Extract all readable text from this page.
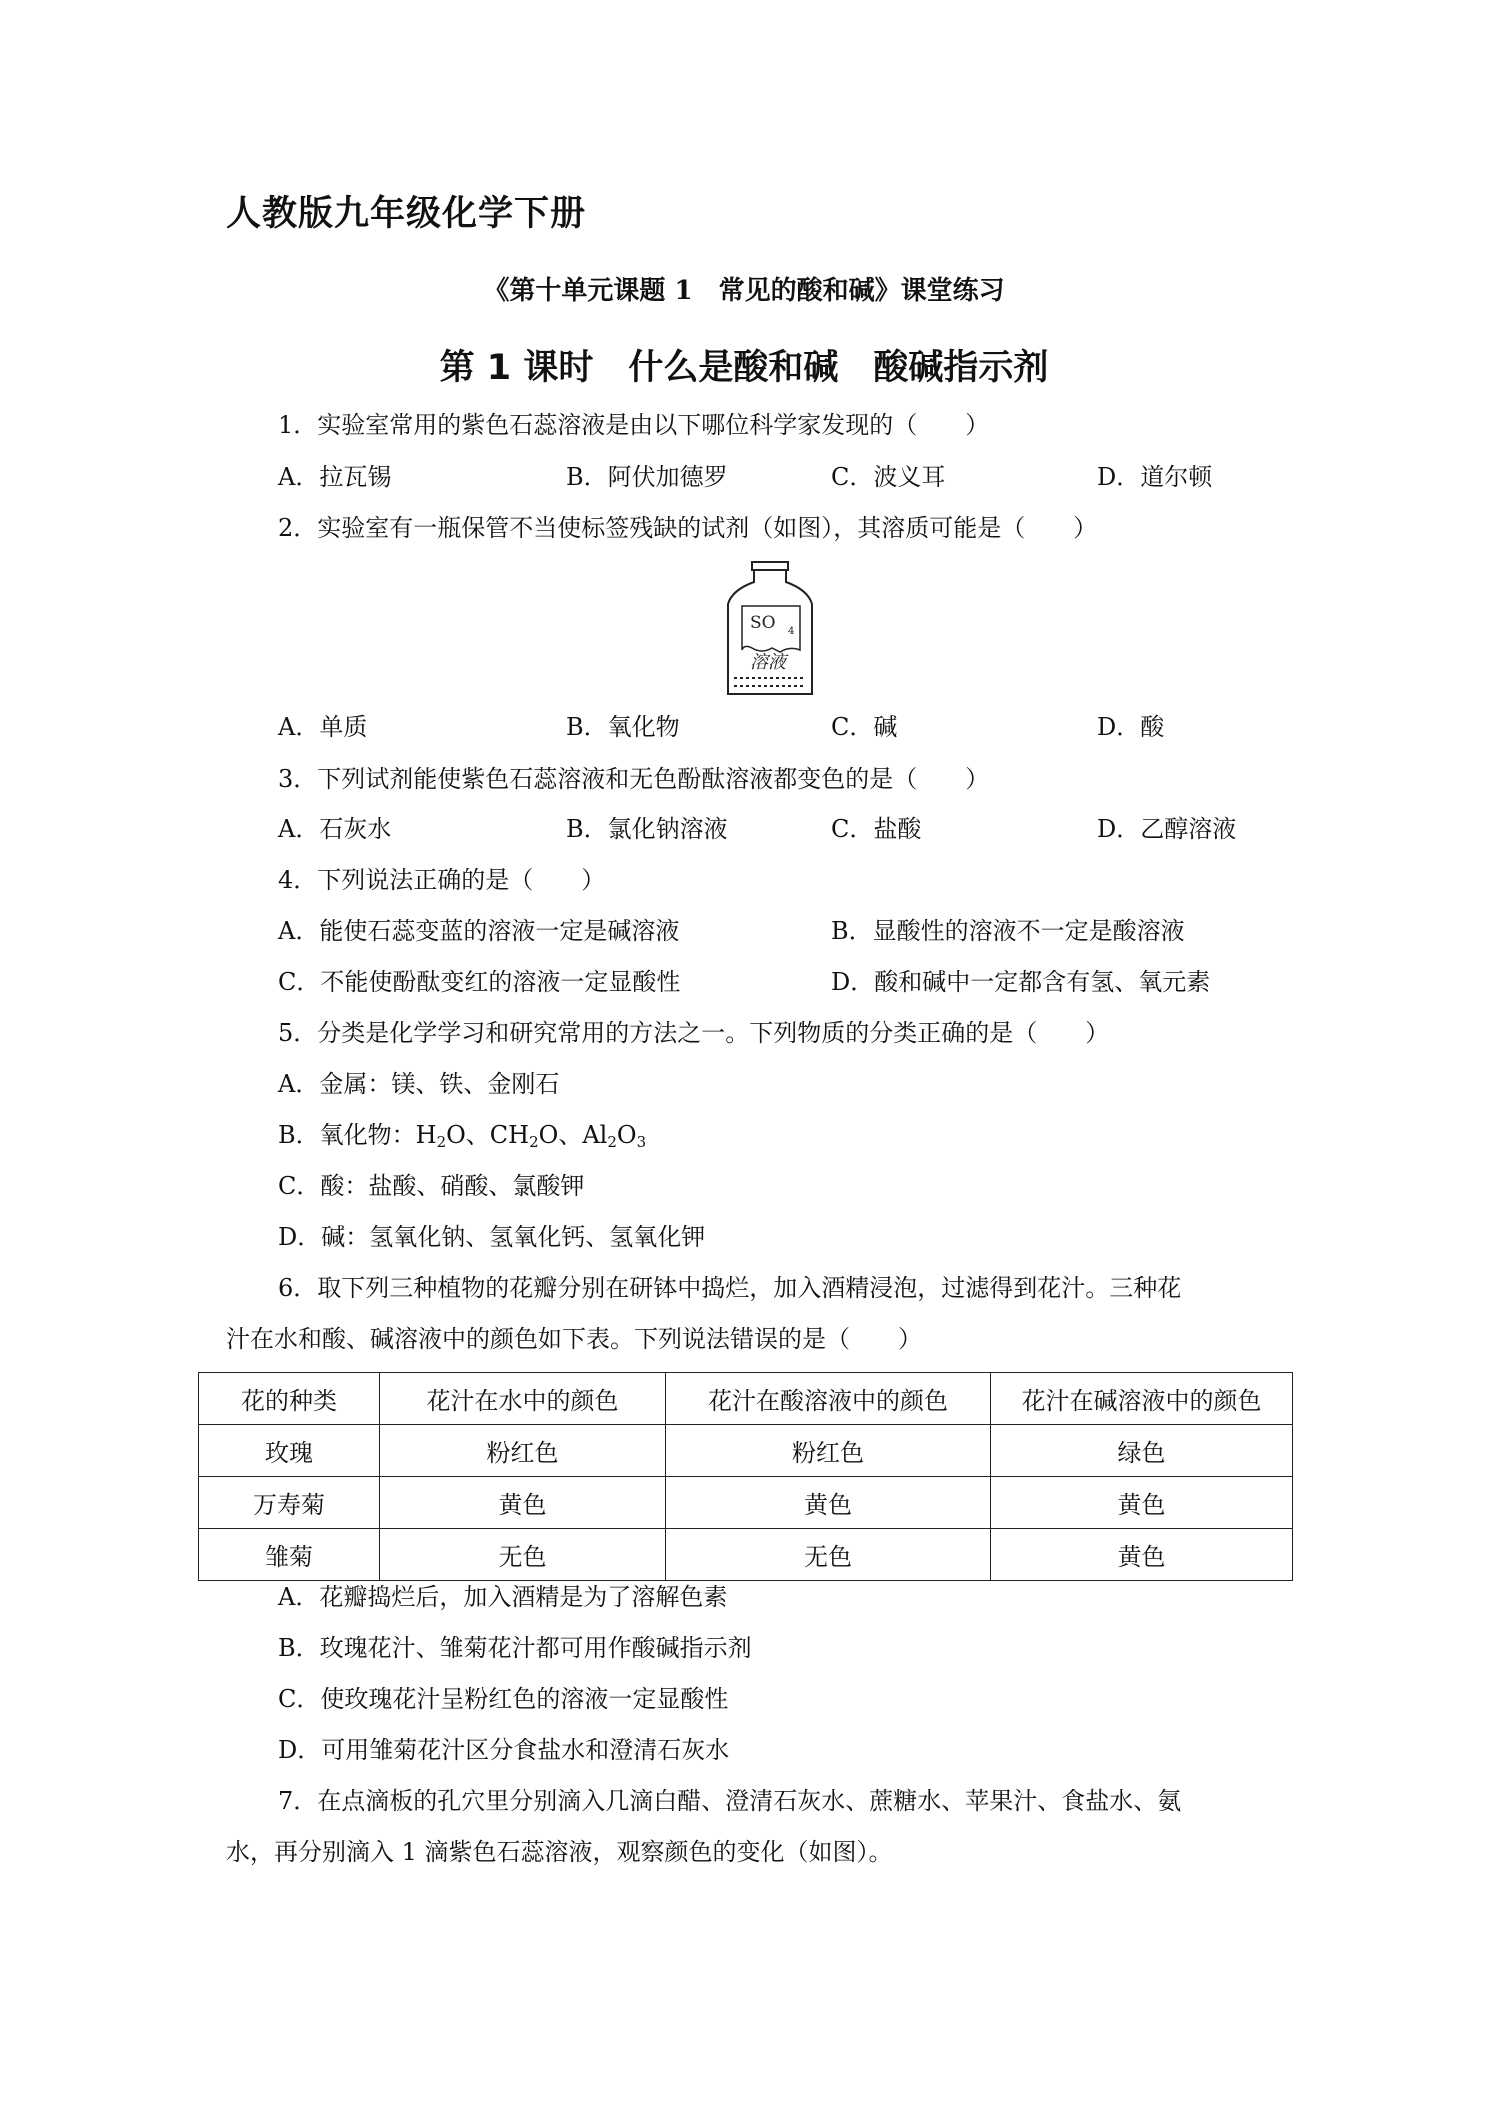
人教版九年级化学下册
《第十单元课题 1　常见的酸和碱》课堂练习
第 1 课时　什么是酸和碱　酸碱指示剂
1．实验室常用的紫色石蕊溶液是由以下哪位科学家发现的（　　）
A．拉瓦锡	B．阿伏加德罗	C．波义耳	D．道尔顿
2．实验室有一瓶保管不当使标签残缺的试剂（如图），其溶质可能是（　　）
SO 4
溶液
A．单质	B．氧化物	C．碱	D．酸
3．下列试剂能使紫色石蕊溶液和无色酚酞溶液都变色的是（　　）
A．石灰水	B．氯化钠溶液	C．盐酸	D．乙醇溶液
4．下列说法正确的是（　　）
A．能使石蕊变蓝的溶液一定是碱溶液	B．显酸性的溶液不一定是酸溶液
C．不能使酚酞变红的溶液一定显酸性	D．酸和碱中一定都含有氢、氧元素
5．分类是化学学习和研究常用的方法之一。下列物质的分类正确的是（　　）
A．金属：镁、铁、金刚石
B．氧化物：$H_2O$、$CH_2O$、$Al_2O_3$
C．酸：盐酸、硝酸、氯酸钾
D．碱：氢氧化钠、氢氧化钙、氢氧化钾
6．取下列三种植物的花瓣分别在研钵中捣烂，加入酒精浸泡，过滤得到花汁。三种花
汁在水和酸、碱溶液中的颜色如下表。下列说法错误的是（　　）
花的种类	花汁在水中的颜色	花汁在酸溶液中的颜色	花汁在碱溶液中的颜色
玫瑰	粉红色	粉红色	绿色
万寿菊	黄色	黄色	黄色
雏菊	无色	无色	黄色
A．花瓣捣烂后，加入酒精是为了溶解色素
B．玫瑰花汁、雏菊花汁都可用作酸碱指示剂
C．使玫瑰花汁呈粉红色的溶液一定显酸性
D．可用雏菊花汁区分食盐水和澄清石灰水
7．在点滴板的孔穴里分别滴入几滴白醋、澄清石灰水、蔗糖水、苹果汁、食盐水、氨
水，再分别滴入 1 滴紫色石蕊溶液，观察颜色的变化（如图）。
